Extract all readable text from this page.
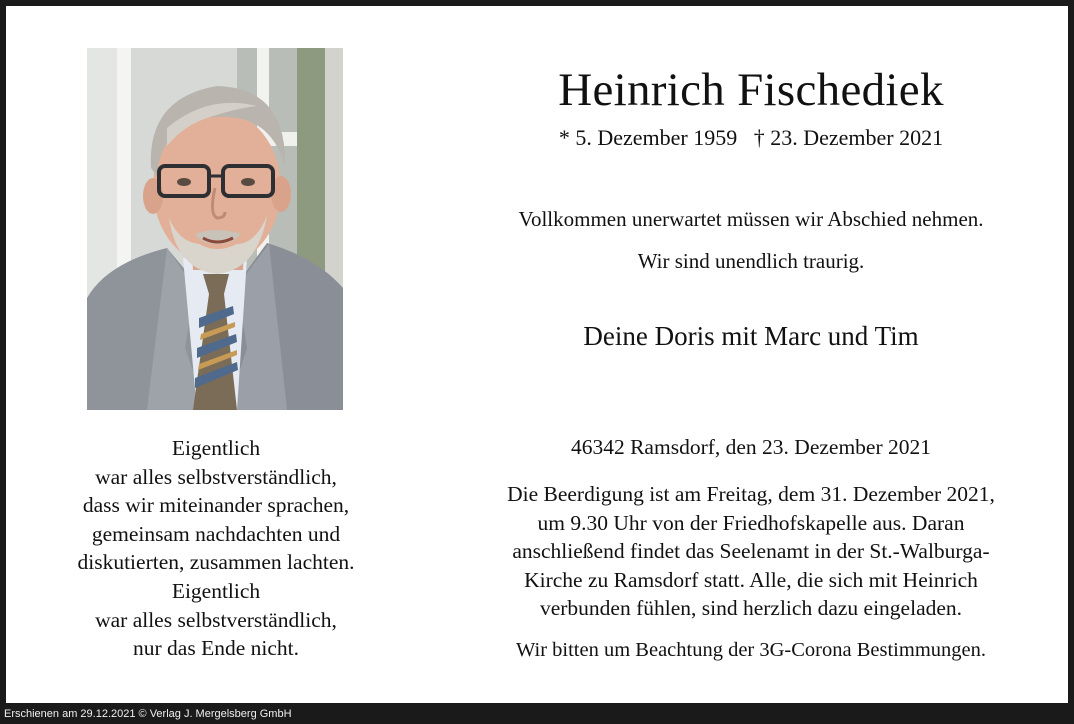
Heinrich Fischediek
* 5. Dezember 1959 † 23. Dezember 2021
Vollkommen unerwartet müssen wir Abschied nehmen.
Wir sind unendlich traurig.
Deine Doris mit Marc und Tim
46342 Ramsdorf, den 23. Dezember 2021
Die Beerdigung ist am Freitag, dem 31. Dezember 2021,
um 9.30 Uhr von der Friedhofskapelle aus. Daran
anschließend findet das Seelenamt in der St.-Walburga-
Kirche zu Ramsdorf statt. Alle, die sich mit Heinrich
verbunden fühlen, sind herzlich dazu eingeladen.
Wir bitten um Beachtung der 3G-Corona Bestimmungen.
Eigentlich
war alles selbstverständlich,
dass wir miteinander sprachen,
gemeinsam nachdachten und
diskutierten, zusammen lachten.
Eigentlich
war alles selbstverständlich,
nur das Ende nicht.
Erschienen am 29.12.2021 © Verlag J. Mergelsberg GmbH
